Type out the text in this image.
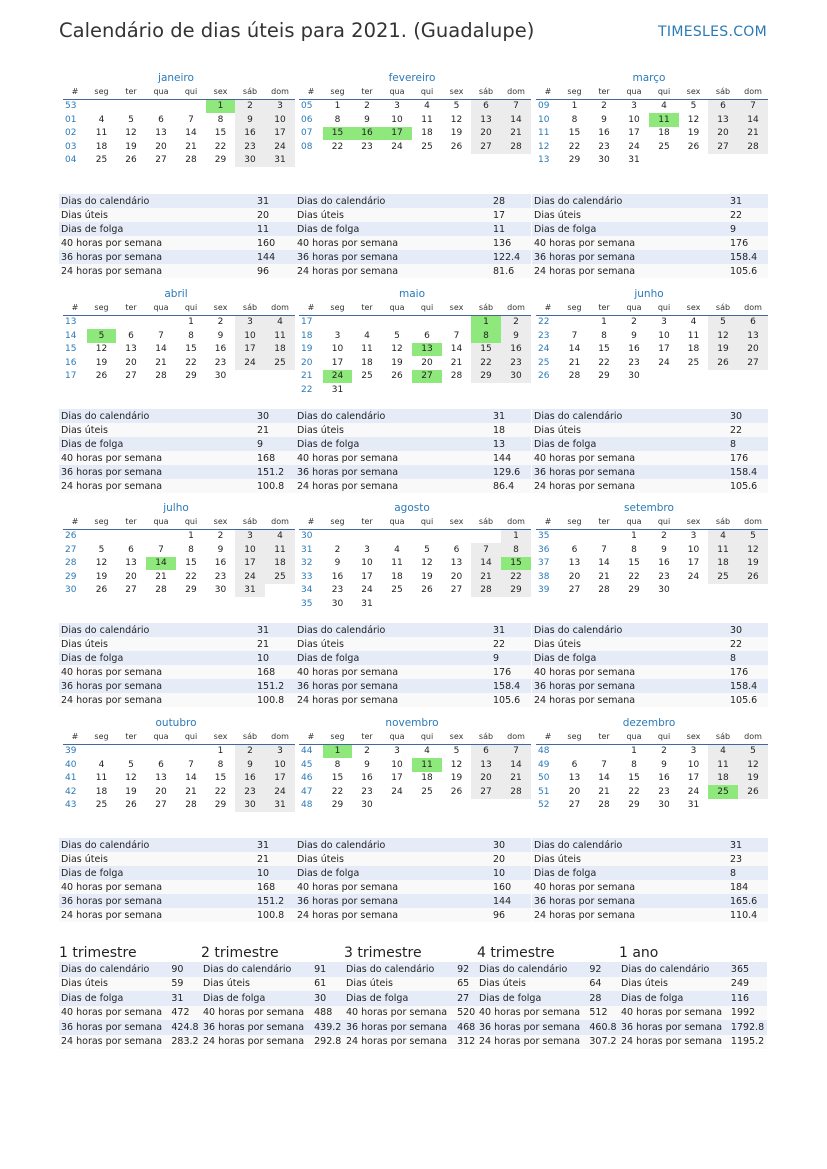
Calendário de dias úteis para 2021. (Guadalupe)	TIMESLES.COM
janeiro
#	seg	ter	qua	qui	sex	sáb	dom
53					1	2	3
01	4	5	6	7	8	9	10
02	11	12	13	14	15	16	17
03	18	19	20	21	22	23	24
04	25	26	27	28	29	30	31
Dias do calendário	31
Dias úteis	20
Dias de folga	11
40 horas por semana	160
36 horas por semana	144
24 horas por semana	96
fevereiro
#	seg	ter	qua	qui	sex	sáb	dom
05	1	2	3	4	5	6	7
06	8	9	10	11	12	13	14
07	15	16	17	18	19	20	21
08	22	23	24	25	26	27	28
Dias do calendário	28
Dias úteis	17
Dias de folga	11
40 horas por semana	136
36 horas por semana	122.4
24 horas por semana	81.6
março
#	seg	ter	qua	qui	sex	sáb	dom
09	1	2	3	4	5	6	7
10	8	9	10	11	12	13	14
11	15	16	17	18	19	20	21
12	22	23	24	25	26	27	28
13	29	30	31				
Dias do calendário	31
Dias úteis	22
Dias de folga	9
40 horas por semana	176
36 horas por semana	158.4
24 horas por semana	105.6
abril
#	seg	ter	qua	qui	sex	sáb	dom
13				1	2	3	4
14	5	6	7	8	9	10	11
15	12	13	14	15	16	17	18
16	19	20	21	22	23	24	25
17	26	27	28	29	30		
Dias do calendário	30
Dias úteis	21
Dias de folga	9
40 horas por semana	168
36 horas por semana	151.2
24 horas por semana	100.8
maio
#	seg	ter	qua	qui	sex	sáb	dom
17						1	2
18	3	4	5	6	7	8	9
19	10	11	12	13	14	15	16
20	17	18	19	20	21	22	23
21	24	25	26	27	28	29	30
22	31						
Dias do calendário	31
Dias úteis	18
Dias de folga	13
40 horas por semana	144
36 horas por semana	129.6
24 horas por semana	86.4
junho
#	seg	ter	qua	qui	sex	sáb	dom
22		1	2	3	4	5	6
23	7	8	9	10	11	12	13
24	14	15	16	17	18	19	20
25	21	22	23	24	25	26	27
26	28	29	30				
Dias do calendário	30
Dias úteis	22
Dias de folga	8
40 horas por semana	176
36 horas por semana	158.4
24 horas por semana	105.6
julho
#	seg	ter	qua	qui	sex	sáb	dom
26				1	2	3	4
27	5	6	7	8	9	10	11
28	12	13	14	15	16	17	18
29	19	20	21	22	23	24	25
30	26	27	28	29	30	31	
Dias do calendário	31
Dias úteis	21
Dias de folga	10
40 horas por semana	168
36 horas por semana	151.2
24 horas por semana	100.8
agosto
#	seg	ter	qua	qui	sex	sáb	dom
30							1
31	2	3	4	5	6	7	8
32	9	10	11	12	13	14	15
33	16	17	18	19	20	21	22
34	23	24	25	26	27	28	29
35	30	31					
Dias do calendário	31
Dias úteis	22
Dias de folga	9
40 horas por semana	176
36 horas por semana	158.4
24 horas por semana	105.6
setembro
#	seg	ter	qua	qui	sex	sáb	dom
35			1	2	3	4	5
36	6	7	8	9	10	11	12
37	13	14	15	16	17	18	19
38	20	21	22	23	24	25	26
39	27	28	29	30			
Dias do calendário	30
Dias úteis	22
Dias de folga	8
40 horas por semana	176
36 horas por semana	158.4
24 horas por semana	105.6
outubro
#	seg	ter	qua	qui	sex	sáb	dom
39					1	2	3
40	4	5	6	7	8	9	10
41	11	12	13	14	15	16	17
42	18	19	20	21	22	23	24
43	25	26	27	28	29	30	31
Dias do calendário	31
Dias úteis	21
Dias de folga	10
40 horas por semana	168
36 horas por semana	151.2
24 horas por semana	100.8
novembro
#	seg	ter	qua	qui	sex	sáb	dom
44	1	2	3	4	5	6	7
45	8	9	10	11	12	13	14
46	15	16	17	18	19	20	21
47	22	23	24	25	26	27	28
48	29	30					
Dias do calendário	30
Dias úteis	20
Dias de folga	10
40 horas por semana	160
36 horas por semana	144
24 horas por semana	96
dezembro
#	seg	ter	qua	qui	sex	sáb	dom
48			1	2	3	4	5
49	6	7	8	9	10	11	12
50	13	14	15	16	17	18	19
51	20	21	22	23	24	25	26
52	27	28	29	30	31		
Dias do calendário	31
Dias úteis	23
Dias de folga	8
40 horas por semana	184
36 horas por semana	165.6
24 horas por semana	110.4
1 trimestre
Dias do calendário	90
Dias úteis	59
Dias de folga	31
40 horas por semana	472
36 horas por semana	424.8
24 horas por semana	283.2
2 trimestre
Dias do calendário	91
Dias úteis	61
Dias de folga	30
40 horas por semana	488
36 horas por semana	439.2
24 horas por semana	292.8
3 trimestre
Dias do calendário	92
Dias úteis	65
Dias de folga	27
40 horas por semana	520
36 horas por semana	468
24 horas por semana	312
4 trimestre
Dias do calendário	92
Dias úteis	64
Dias de folga	28
40 horas por semana	512
36 horas por semana	460.8
24 horas por semana	307.2
1 ano
Dias do calendário	365
Dias úteis	249
Dias de folga	116
40 horas por semana	1992
36 horas por semana	1792.8
24 horas por semana	1195.2
